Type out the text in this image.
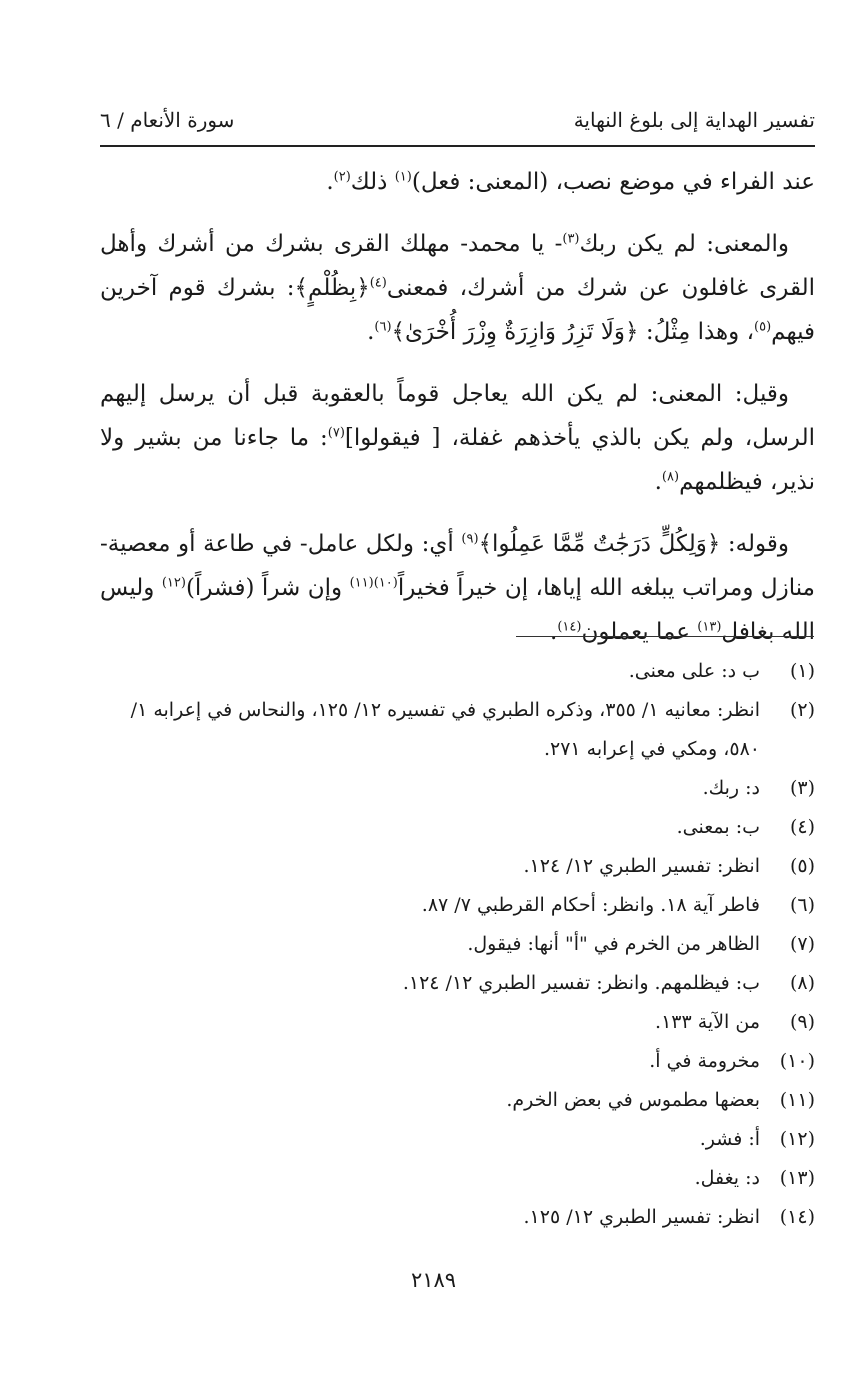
تفسير الهداية إلى بلوغ النهاية
سورة الأنعام / ٦

عند الفراء في موضع نصب، (المعنى: فعل)$^{(١)}$ ذلك$^{(٢)}$.

والمعنى: لم يكن ربك$^{(٣)}$- يا محمد- مهلك القرى بشرك من أشرك وأهل القرى غافلون عن شرك من أشرك، فمعنى$^{(٤)}$﴿بِظُلْمٍ﴾: بشرك قوم آخرين فيهم$^{(٥)}$، وهذا مِثْلُ: ﴿وَلَا تَزِرُ وَازِرَةٌ وِزْرَ أُخْرَىٰ﴾$^{(٦)}$.

وقيل: المعنى: لم يكن الله يعاجل قوماً بالعقوبة قبل أن يرسل إليهم الرسل، ولم يكن بالذي يأخذهم غفلة، [ فيقولوا]$^{(٧)}$: ما جاءنا من بشير ولا نذير، فيظلمهم$^{(٨)}$.

وقوله: ﴿وَلِكُلٍّ دَرَجَٰتٌ مِّمَّا عَمِلُوا﴾$^{(٩)}$ أي: ولكل عامل- في طاعة أو معصية- منازل ومراتب يبلغه الله إياها، إن خيراً فخيراً$^{(١٠)(١١)}$ وإن شراً (فشراً)$^{(١٢)}$ وليس الله بغافل$^{(١٣)}$ عما يعملون$^{(١٤)}$.

(١)
ب د: على معنى.
(٢)
انظر: معانيه ١/ ٣٥٥، وذكره الطبري في تفسيره ١٢/ ١٢٥، والنحاس في إعرابه ١/ ٥٨٠، ومكي في إعرابه ٢٧١.
(٣)
د: ربك.
(٤)
ب: بمعنى.
(٥)
انظر: تفسير الطبري ١٢/ ١٢٤.
(٦)
فاطر آية ١٨. وانظر: أحكام القرطبي ٧/ ٨٧.
(٧)
الظاهر من الخرم في "أ" أنها: فيقول.
(٨)
ب: فيظلمهم. وانظر: تفسير الطبري ١٢/ ١٢٤.
(٩)
من الآية ١٣٣.
(١٠)
مخرومة في أ.
(١١)
بعضها مطموس في بعض الخرم.
(١٢)
أ: فشر.
(١٣)
د: يغفل.
(١٤)
انظر: تفسير الطبري ١٢/ ١٢٥.
٢١٨٩
